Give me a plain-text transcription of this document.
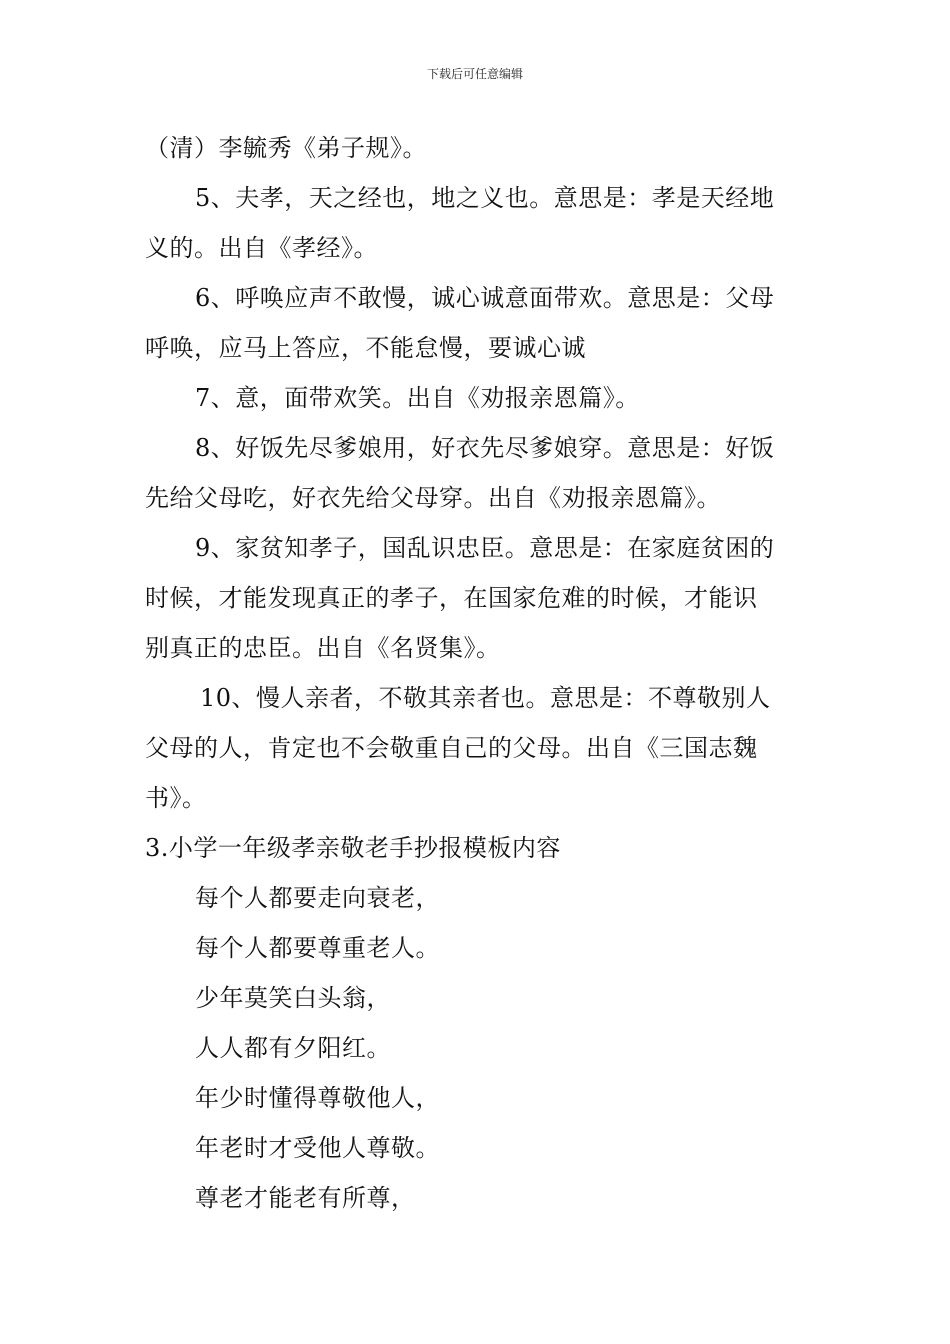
下载后可任意编辑
（清）李毓秀《弟子规》。
5、夫孝，天之经也，地之义也。意思是：孝是天经地
义的。出自《孝经》。
6、呼唤应声不敢慢，诚心诚意面带欢。意思是：父母
呼唤，应马上答应，不能怠慢，要诚心诚
7、意，面带欢笑。出自《劝报亲恩篇》。
8、好饭先尽爹娘用，好衣先尽爹娘穿。意思是：好饭
先给父母吃，好衣先给父母穿。出自《劝报亲恩篇》。
9、家贫知孝子，国乱识忠臣。意思是：在家庭贫困的
时候，才能发现真正的孝子，在国家危难的时候，才能识
别真正的忠臣。出自《名贤集》。
10、慢人亲者，不敬其亲者也。意思是：不尊敬别人
父母的人，肯定也不会敬重自己的父母。出自《三国志魏
书》。
3.小学一年级孝亲敬老手抄报模板内容
每个人都要走向衰老，
每个人都要尊重老人。
少年莫笑白头翁，
人人都有夕阳红。
年少时懂得尊敬他人，
年老时才受他人尊敬。
尊老才能老有所尊，
